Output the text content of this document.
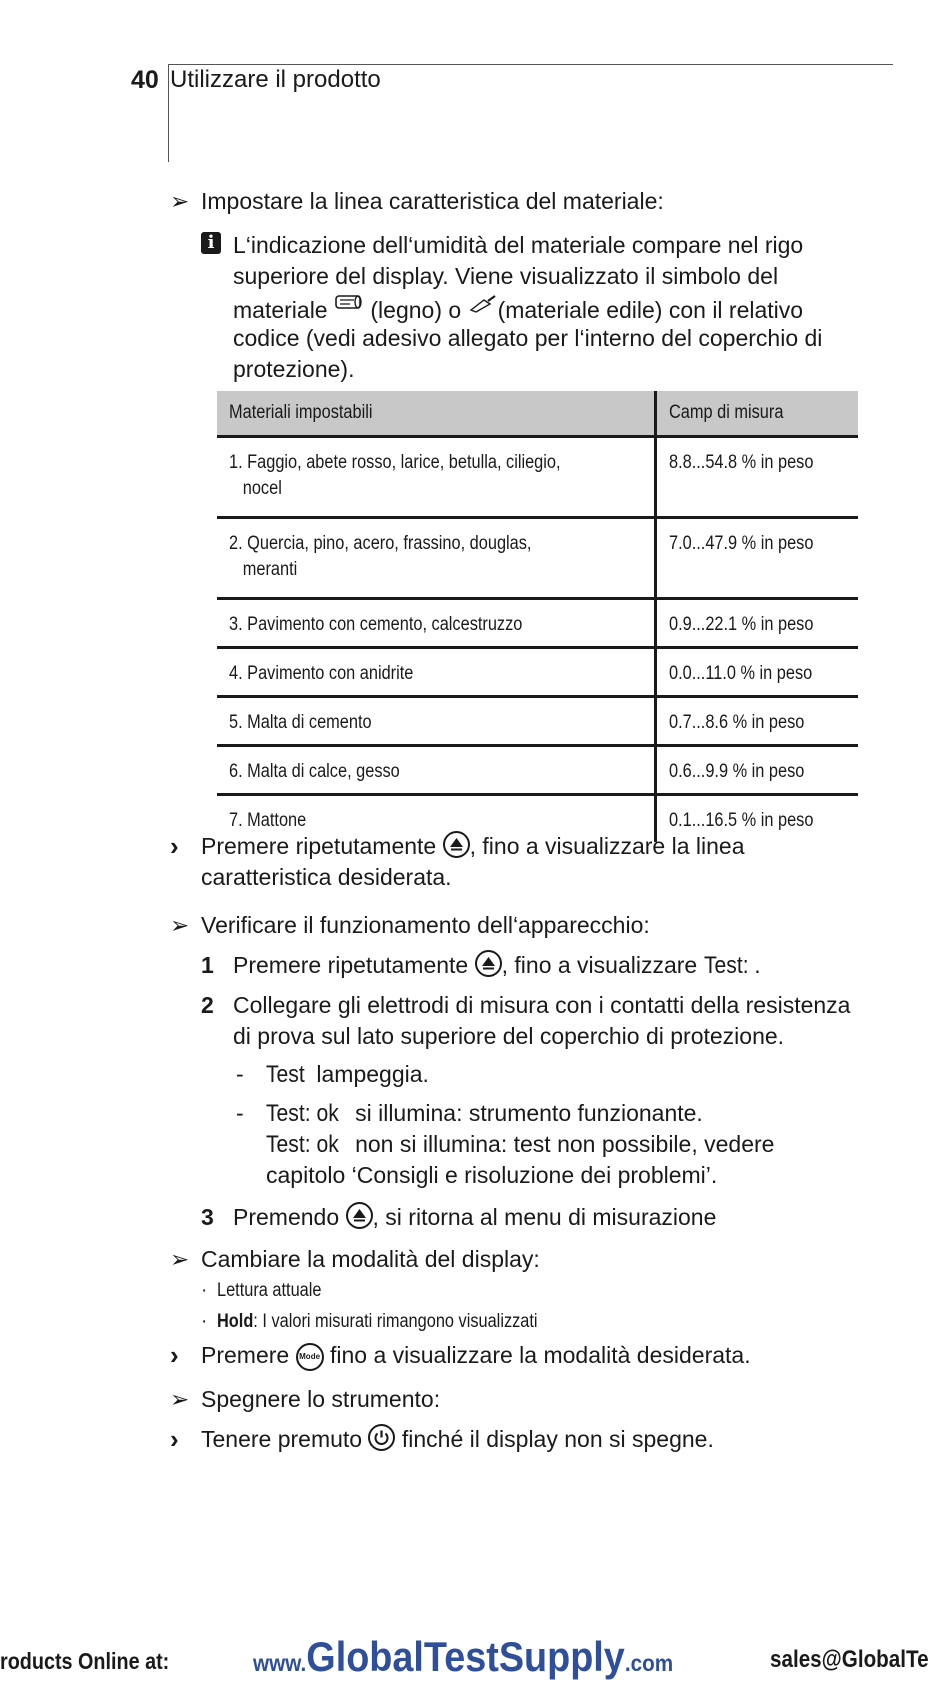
40 Utilizzare il prodotto
➢ Impostare la linea caratteristica del materiale:
i L‘indicazione dell‘umidità del materiale compare nel rigo
superiore del display. Viene visualizzato il simbolo del
materiale (legno) o (materiale edile) con il relativo
codice (vedi adesivo allegato per l‘interno del coperchio di
protezione).
Materiali impostabili	Camp di misura
1. Faggio, abete rosso, larice, betulla, ciliegio,
nocel	8.8...54.8 % in peso
2. Quercia, pino, acero, frassino, douglas,
meranti	7.0...47.9 % in peso
3. Pavimento con cemento, calcestruzzo	0.9...22.1 % in peso
4. Pavimento con anidrite	0.0...11.0 % in peso
5. Malta di cemento	0.7...8.6 % in peso
6. Malta di calce, gesso	0.6...9.9 % in peso
7. Mattone	0.1...16.5 % in peso
› Premere ripetutamente , fino a visualizzare la linea
caratteristica desiderata.
➢ Verificare il funzionamento dell‘apparecchio:
1 Premere ripetutamente , fino a visualizzare Test: .
2 Collegare gli elettrodi di misura con i contatti della resistenza
di prova sul lato superiore del coperchio di protezione.
- Test lampeggia.
- Test: ok si illumina: strumento funzionante.
Test: ok non si illumina: test non possibile, vedere
capitolo ‘Consigli e risoluzione dei problemi’.
3 Premendo , si ritorna al menu di misurazione
➢ Cambiare la modalità del display:
· Lettura attuale
· Hold: I valori misurati rimangono visualizzati
› Premere Mode fino a visualizzare la modalità desiderata.
➢ Spegnere lo strumento:
› Tenere premuto finché il display non si spegne.
roducts Online at:	www.GlobalTestSupply.com	sales@GlobalTe
